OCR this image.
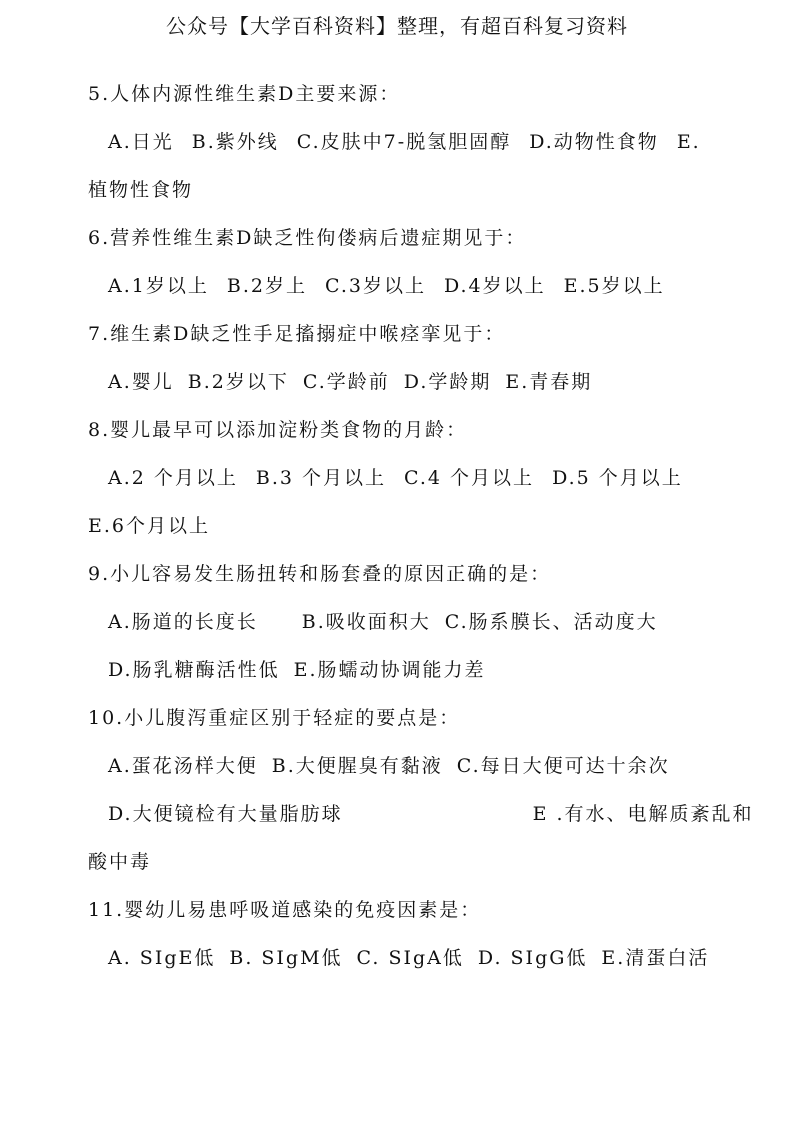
公众号【大学百科资料】整理，有超百科复习资料
5.人体内源性维生素D主要来源：
A.日光 B.紫外线 C.皮肤中7-脱氢胆固醇 D.动物性食物 E.
植物性食物
6.营养性维生素D缺乏性佝偻病后遗症期见于：
A.1岁以上 B.2岁上 C.3岁以上 D.4岁以上 E.5岁以上
7.维生素D缺乏性手足搐搦症中喉痉挛见于：
A.婴儿 B.2岁以下 C.学龄前 D.学龄期 E.青春期
8.婴儿最早可以添加淀粉类食物的月龄：
A.2 个月以上 B.3 个月以上 C.4 个月以上 D.5 个月以上
E.6个月以上
9.小儿容易发生肠扭转和肠套叠的原因正确的是：
A.肠道的长度长 B.吸收面积大 C.肠系膜长、活动度大
D.肠乳糖酶活性低 E.肠蠕动协调能力差
10.小儿腹泻重症区别于轻症的要点是：
A.蛋花汤样大便 B.大便腥臭有黏液 C.每日大便可达十余次
D.大便镜检有大量脂肪球	E .有水、电解质紊乱和
酸中毒
11.婴幼儿易患呼吸道感染的免疫因素是：
A. SIgE低 B. SIgM低 C. SIgA低 D. SIgG低 E.清蛋白活
